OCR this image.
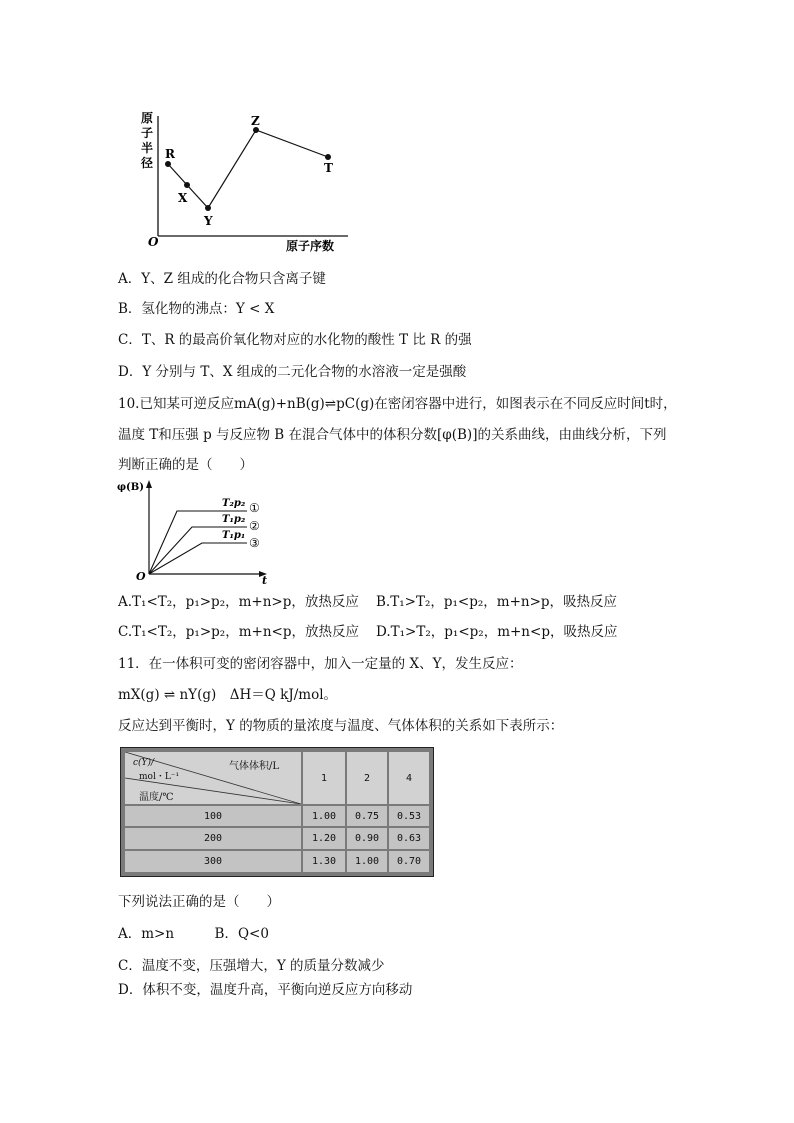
原
子
半
径
O	原子序数
R
X
Y
Z
T
A．Y、Z 组成的化合物只含离子键
B．氢化物的沸点：Y < X
C．T、R 的最高价氧化物对应的水化物的酸性 T 比 R 的强
D．Y 分别与 T、X 组成的二元化合物的水溶液一定是强酸
10.已知某可逆反应mA(g)+nB(g)⇌pC(g)在密闭容器中进行，如图表示在不同反应时间t时，
温度 T和压强 p 与反应物 B 在混合气体中的体积分数[φ(B)]的关系曲线，由曲线分析，下列
判断正确的是（　　）
φ(B)
O	t
T₂p₂ ①
T₁p₂ ②
T₁p₁
③
A.T₁<T₂，p₁>p₂，m+n>p，放热反应 B.T₁>T₂，p₁<p₂，m+n>p，吸热反应
C.T₁<T₂，p₁>p₂，m+n<p，放热反应 D.T₁>T₂，p₁<p₂，m+n<p，吸热反应
11．在一体积可变的密闭容器中，加入一定量的 X、Y，发生反应：
mX(g) ⇌ nY(g)　ΔH＝Q kJ/mol。
反应达到平衡时，Y 的物质的量浓度与温度、气体体积的关系如下表所示：
气体体积/L
c(Y)/
mol・L⁻¹
温度/℃
1	2	4
100	1.00	0.75	0.53
200	1.20	0.90	0.63
300	1.30	1.00	0.70
下列说法正确的是（　　）
A．m>n　　　B．Q<0
C．温度不变，压强增大，Y 的质量分数减少
D．体积不变，温度升高，平衡向逆反应方向移动
